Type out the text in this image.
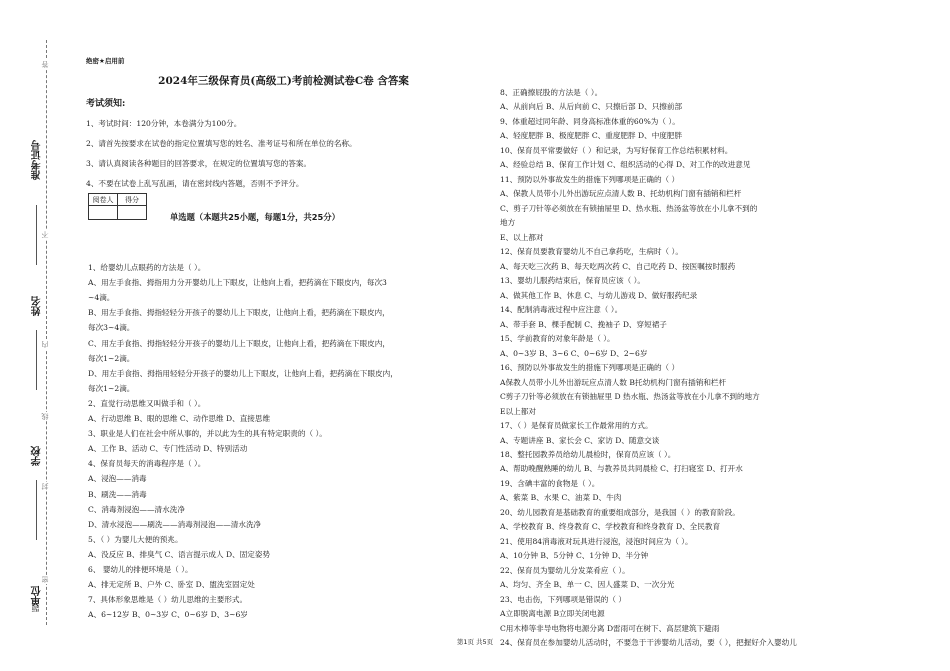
准考证号
姓名
学校
单位
题
答
不
内
线
封
密
绝密★启用前
2024年三级保育员(高级工)考前检测试卷C卷 含答案
考试须知:
1、考试时间：120分钟，本卷满分为100分。
2、请首先按要求在试卷的指定位置填写您的姓名、准考证号和所在单位的名称。
3、请认真阅读各种题目的回答要求，在规定的位置填写您的答案。
4、不要在试卷上乱写乱画，请在密封线内答题，否则不予评分。
阅卷人	得分

单选题（本题共25小题，每题1分，共25分）
1、给婴幼儿点眼药的方法是（ ）。
A、用左手食指、拇指用力分开婴幼儿上下眼皮，让他向上看，把药滴在下眼皮内，每次3
~4滴。
B、用左手食指、拇指轻轻分开孩子的婴幼儿上下眼皮，让他向上看，把药滴在下眼皮内，
每次3~4滴。
C、用左手食指、拇指轻轻分开孩子的婴幼儿上下眼皮，让他向上看，把药滴在下眼皮内，
每次1~2滴。
D、用左手食指、拇指用轻轻分开孩子的婴幼儿上下眼皮，让他向上看，把药滴在下眼皮内，
每次1~2滴。
2、直觉行动思维又叫做手和（ ）。
A、行动思维 B、眼的思维 C、动作思维 D、直接思维
3、职业是人们在社会中所从事的，并以此为生的具有特定职责的（ ）。
A、工作 B、活动 C、专门性活动 D、特别活动
4、保育员每天的消毒程序是（ ）。
A、浸泡——消毒
B、刷洗——消毒
C、消毒剂浸泡——清水洗净
D、清水浸泡——刷洗——消毒剂浸泡——清水洗净
5、（ ）为婴儿大便的预兆。
A、没反应 B、排臭气 C、语言提示成人 D、固定姿势
6、 婴幼儿的排便环境是（ ）。
A、排无定所 B、户外 C、卧室 D、盥洗室固定处
7、具体形象思维是（ ）幼儿思维的主要形式。
A、6~12岁 B、0~3岁 C、0~6岁 D、3~6岁
8、正确擦屁股的方法是（ ）。
A、从前向后 B、从后向前 C、只擦后部 D、只擦前部
9、体重超过同年龄、同身高标准体重的60%为（ ）。
A、轻度肥胖 B、极度肥胖 C、重度肥胖 D、中度肥胖
10、保育员平常要做好（ ）和记录，为写好保育工作总结积累材料。
A、经验总结 B、保育工作计划 C、组织活动的心得 D、对工作的改进意见
11、预防以外事故发生的措施下列哪项是正确的（ ）
A、保教人员带小儿外出游玩应点清人数 B、托幼机构门窗有插销和栏杆
C、剪子刀针等必须放在有锁抽屉里 D、热水瓶、热汤盆等放在小儿拿不到的
地方
E、以上都对
12、保育员要教育婴幼儿不自己拿药吃，生病时（ ）。
A、每天吃三次药 B、每天吃两次药 C、自己吃药 D、按医嘱按时服药
13、婴幼儿服药结束后，保育员应该（ ）。
A、做其他工作 B、休息 C、与幼儿游戏 D、做好服药纪录
14、配制消毒液过程中应注意（ ）。
A、带手套 B、棵手配制 C、挽袖子 D、穿短裙子
15、学前教育的对象年龄是（ ）。
A、0~3岁 B、3~6 C、0~6岁 D、2~6岁
16、预防以外事故发生的措施下列哪项是正确的（ ）
A保教人员带小儿外出游玩应点清人数 B托幼机构门窗有插销和栏杆
C剪子刀针等必须放在有锁抽屉里 D 热水瓶、热汤盆等放在小儿拿不到的地方
E以上都对
17、（ ）是保育员做家长工作最常用的方式。
A、专题讲座 B、家长会 C、家访 D、随意交谈
18、整托园教养员给幼儿晨检时，保育员应该（ ）。
A、帮助晚醒熟睡的幼儿 B、与教养员共同晨检 C、打扫寝室 D、打开水
19、含碘丰富的食物是（ ）。
A、紫菜 B、水果 C、油菜 D、牛肉
20、幼儿园教育是基础教育的重要组成部分，是我国（ ）的教育阶段。
A、学校教育 B、终身教育 C、学校教育和终身教育 D、全民教育
21、使用84消毒液对玩具进行浸泡，浸泡时间应为（ ）。
A、10分钟 B、5分钟 C、1分钟 D、半分钟
22、保育员为婴幼儿分发菜肴应（ ）。
A、均匀、齐全 B、单一 C、因人盛菜 D、一次分光
23、电击伤，下列哪项是错误的（ ）
A立即脱离电源 B立即关闭电源
C用木棒等非导电物将电源分离 D雷雨可在树下、高层建筑下避雨
24、保育员在参加婴幼儿活动时，不要急于干涉婴幼儿活动，要（ ），把握好介入婴幼儿
第1页 共5页
